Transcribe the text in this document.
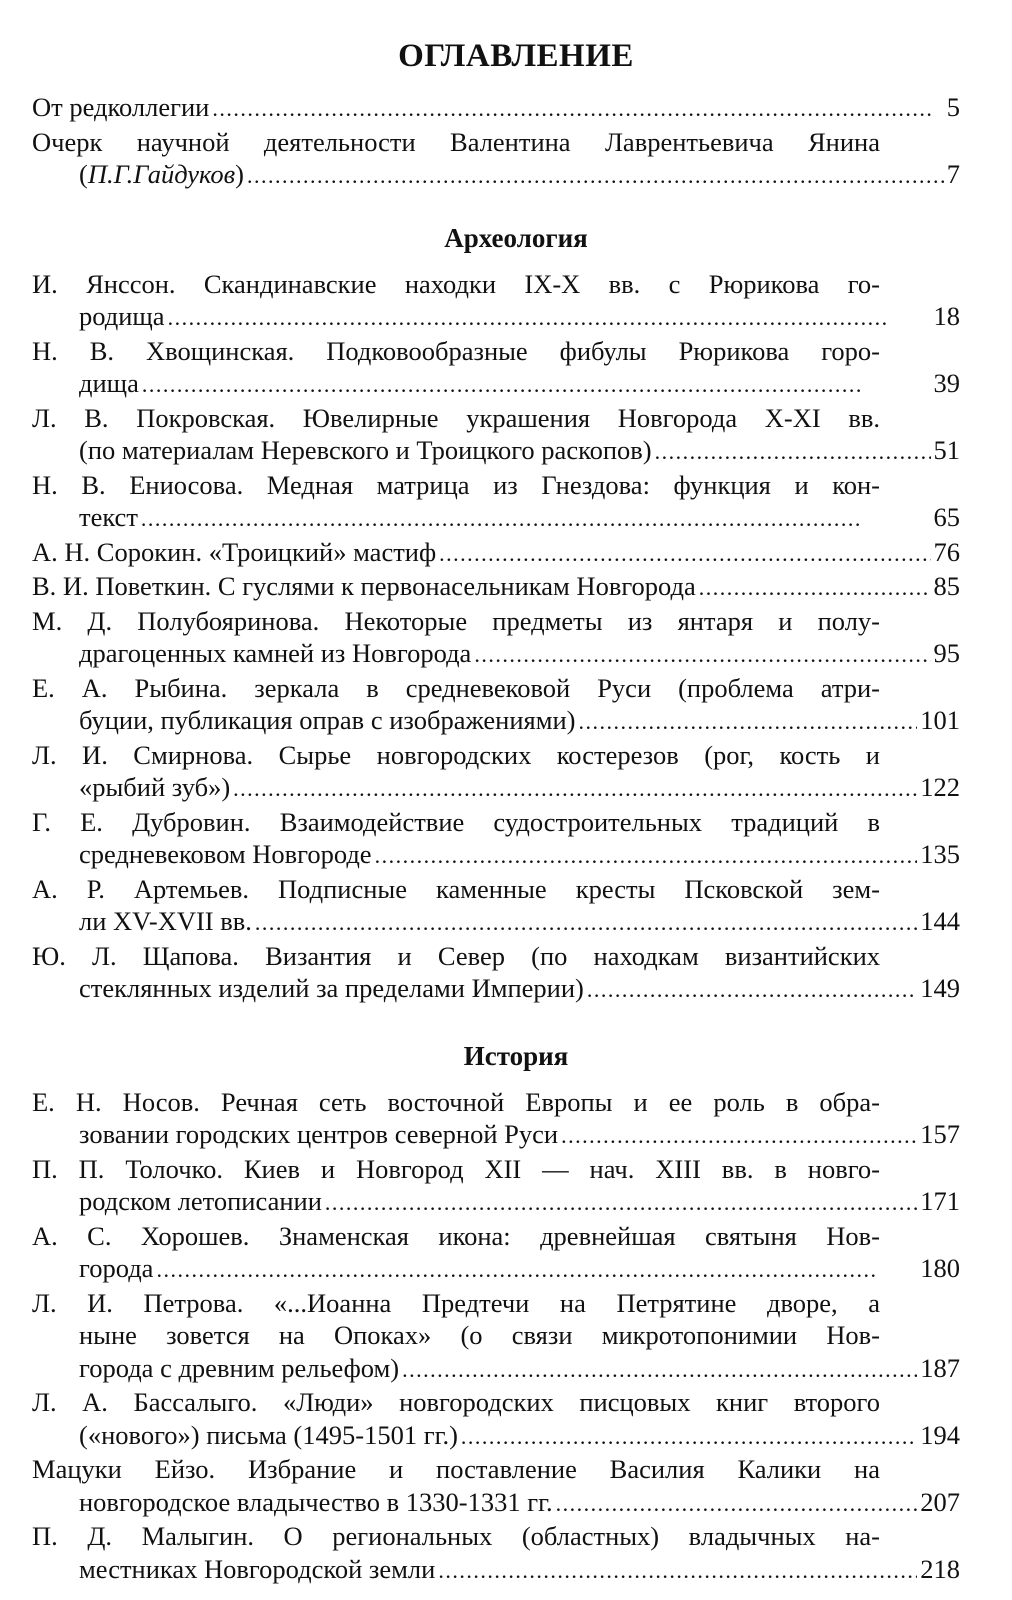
ОГЛАВЛЕНИЕ
От редколлегии . . .	5
Очерк научной деятельности Валентина Лаврентьевича Янина
(П.Г.Гайдуков) . . .	7
Археология
И. Янссон. Скандинавские находки IX-X вв. с Рюрикова го-
родища . . .	18
Н. В. Хвощинская. Подковообразные фибулы Рюрикова горо-
дища . . .	39
Л. В. Покровская. Ювелирные украшения Новгорода X-XI вв.
(по материалам Неревского и Троицкого раскопов) . . .	51
Н. В. Ениосова. Медная матрица из Гнездова: функция и кон-
текст . . .	65
А. Н. Сорокин. «Троицкий» мастиф . . .	76
В. И. Поветкин. С гуслями к первонасельникам Новгорода . . .	85
М. Д. Полубояринова. Некоторые предметы из янтаря и полу-
драгоценных камней из Новгорода . . .	95
Е. А. Рыбина. зеркала в средневековой Руси (проблема атри-
буции, публикация оправ с изображениями) . . .	101
Л. И. Смирнова. Сырье новгородских костерезов (рог, кость и
«рыбий зуб») . . .	122
Г. Е. Дубровин. Взаимодействие судостроительных традиций в
средневековом Новгороде . . .	135
А. Р. Артемьев. Подписные каменные кресты Псковской зем-
ли XV-XVII вв. . . .	144
Ю. Л. Щапова. Византия и Север (по находкам византийских
стеклянных изделий за пределами Империи) . . .	149
История
Е. Н. Носов. Речная сеть восточной Европы и ее роль в обра-
зовании городских центров северной Руси . . .	157
П. П. Толочко. Киев и Новгород XII — нач. XIII вв. в новго-
родском летописании . . .	171
А. С. Хорошев. Знаменская икона: древнейшая святыня Нов-
города . . .	180
Л. И. Петрова. «...Иоанна Предтечи на Петрятине дворе, а
ныне зовется на Опоках» (о связи микротопонимии Нов-
города с древним рельефом) . . .	187
Л. А. Бассалыго. «Люди» новгородских писцовых книг второго
(«нового») письма (1495-1501 гг.) . . .	194
Мацуки Ейзо. Избрание и поставление Василия Калики на
новгородское владычество в 1330-1331 гг. . . .	207
П. Д. Малыгин. О региональных (областных) владычных на-
местниках Новгородской земли . . .	218
